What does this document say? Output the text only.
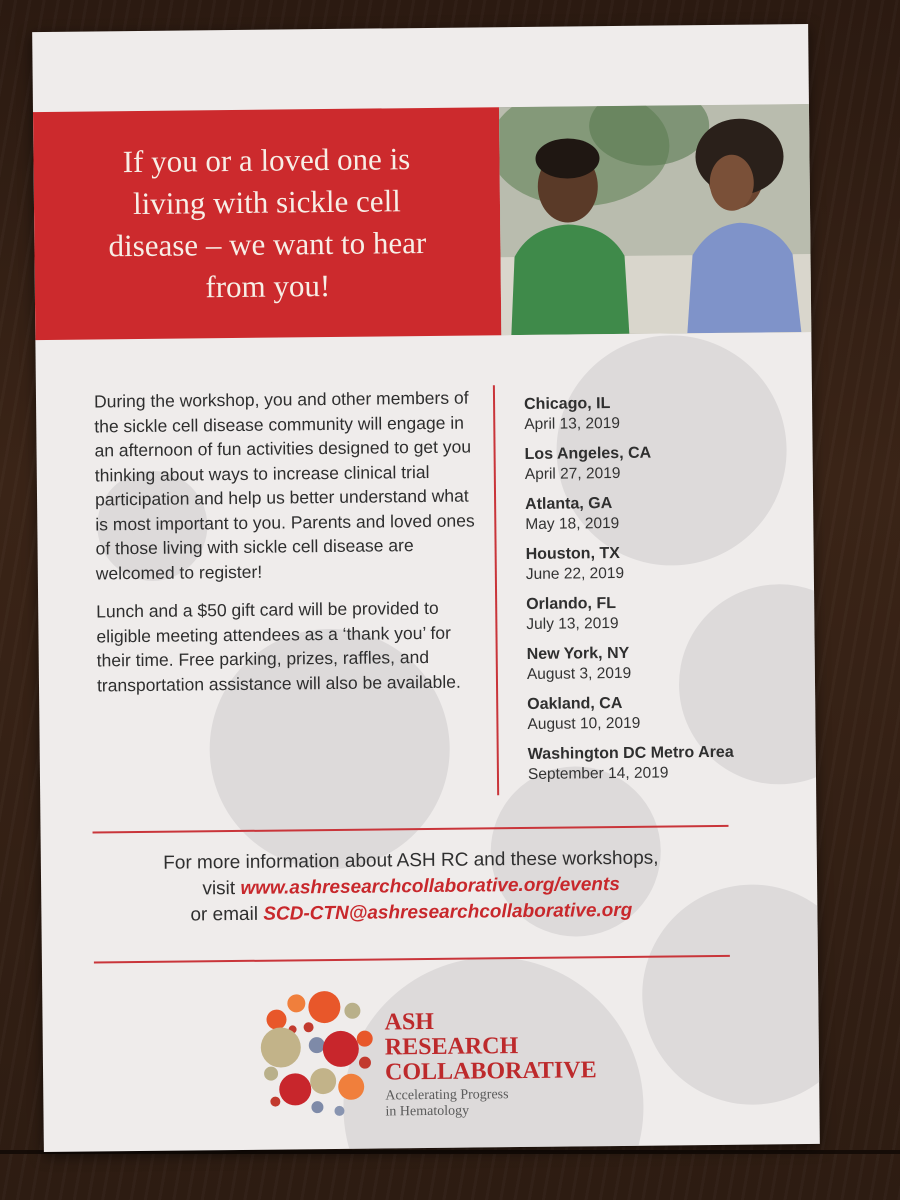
If you or a loved one is living with sickle cell disease – we want to hear from you!

During the workshop, you and other members of the sickle cell disease community will engage in an afternoon of fun activities designed to get you thinking about ways to increase clinical trial participation and help us better understand what is most important to you. Parents and loved ones of those living with sickle cell disease are welcomed to register!

Lunch and a $50 gift card will be provided to eligible meeting attendees as a ‘thank you’ for their time. Free parking, prizes, raffles, and transportation assistance will also be available.

Chicago, IL
April 13, 2019
Los Angeles, CA
April 27, 2019
Atlanta, GA
May 18, 2019
Houston, TX
June 22, 2019
Orlando, FL
July 13, 2019
New York, NY
August 3, 2019
Oakland, CA
August 10, 2019
Washington DC Metro Area
September 14, 2019
For more information about ASH RC and these workshops,
visit www.ashresearchcollaborative.org/events
or email SCD-CTN@ashresearchcollaborative.org
ASH
RESEARCH
COLLABORATIVE
Accelerating Progress
in Hematology
